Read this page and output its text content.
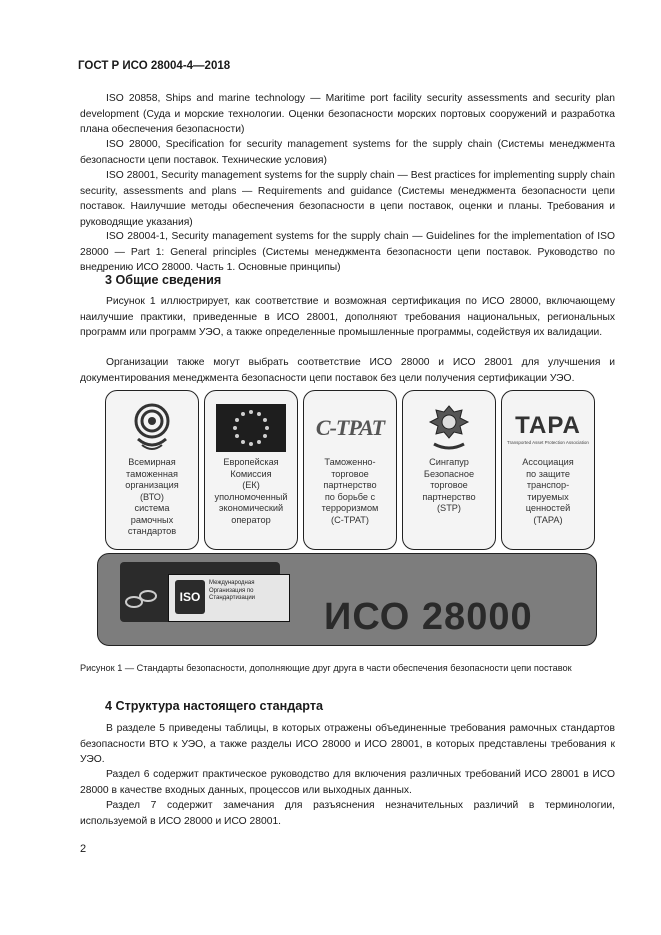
ГОСТ Р ИСО 28004-4—2018

ISO 20858, Ships and marine technology — Maritime port facility security assessments and security plan development (Суда и морские технологии. Оценки безопасности морских портовых сооружений и разработка плана обеспечения безопасности)

ISO 28000, Specification for security management systems for the supply chain (Системы менеджмента безопасности цепи поставок. Технические условия)

ISO 28001, Security management systems for the supply chain — Best practices for implementing supply chain security, assessments and plans — Requirements and guidance (Системы менеджмента безопасности цепи поставок. Наилучшие методы обеспечения безопасности в цепи поставок, оценки и планы. Требования и руководящие указания)

ISO 28004-1, Security management systems for the supply chain — Guidelines for the implementation of ISO 28000 — Part 1: General principles (Системы менеджмента безопасности цепи поставок. Руководство по внедрению ИСО 28000. Часть 1. Основные принципы)

3 Общие сведения

Рисунок 1 иллюстрирует, как соответствие и возможная сертификация по ИСО 28000, включающему наилучшие практики, приведенные в ИСО 28001, дополняют требования национальных, региональных программ или программ УЭО, а также определенные промышленные программы, содействуя их валидации.

Организации также могут выбрать соответствие ИСО 28000 и ИСО 28001 для улучшения и документирования менеджмента безопасности цепи поставок без цели получения сертификации УЭО.

Всемирная
таможенная
организация
(ВТО)
система
рамочных
стандартов
Европейская
Комиссия
(ЕК)
уполномоченный
экономический
оператор
C-TPAT
Таможенно-
торговое
партнерство
по борьбе с
терроризмом
(C-TPAT)
Сингапур
Безопасное
торговое
партнерство
(STP)
TAPA
Transported Asset Protection Association
Ассоциация
по защите
транспор-
тируемых
ценностей
(ТАРА)
ISO
Международная
Организация по
Стандартизации ИСО 28000
Рисунок 1 — Стандарты безопасности, дополняющие друг друга в части обеспечения безопасности цепи поставок
4 Структура настоящего стандарта

В разделе 5 приведены таблицы, в которых отражены объединенные требования рамочных стандартов безопасности ВТО к УЭО, а также разделы ИСО 28000 и ИСО 28001, в которых представлены требования к УЭО.

Раздел 6 содержит практическое руководство для включения различных требований ИСО 28001 в ИСО 28000 в качестве входных данных, процессов или выходных данных.

Раздел 7 содержит замечания для разъяснения незначительных различий в терминологии, используемой в ИСО 28000 и ИСО 28001.

2
